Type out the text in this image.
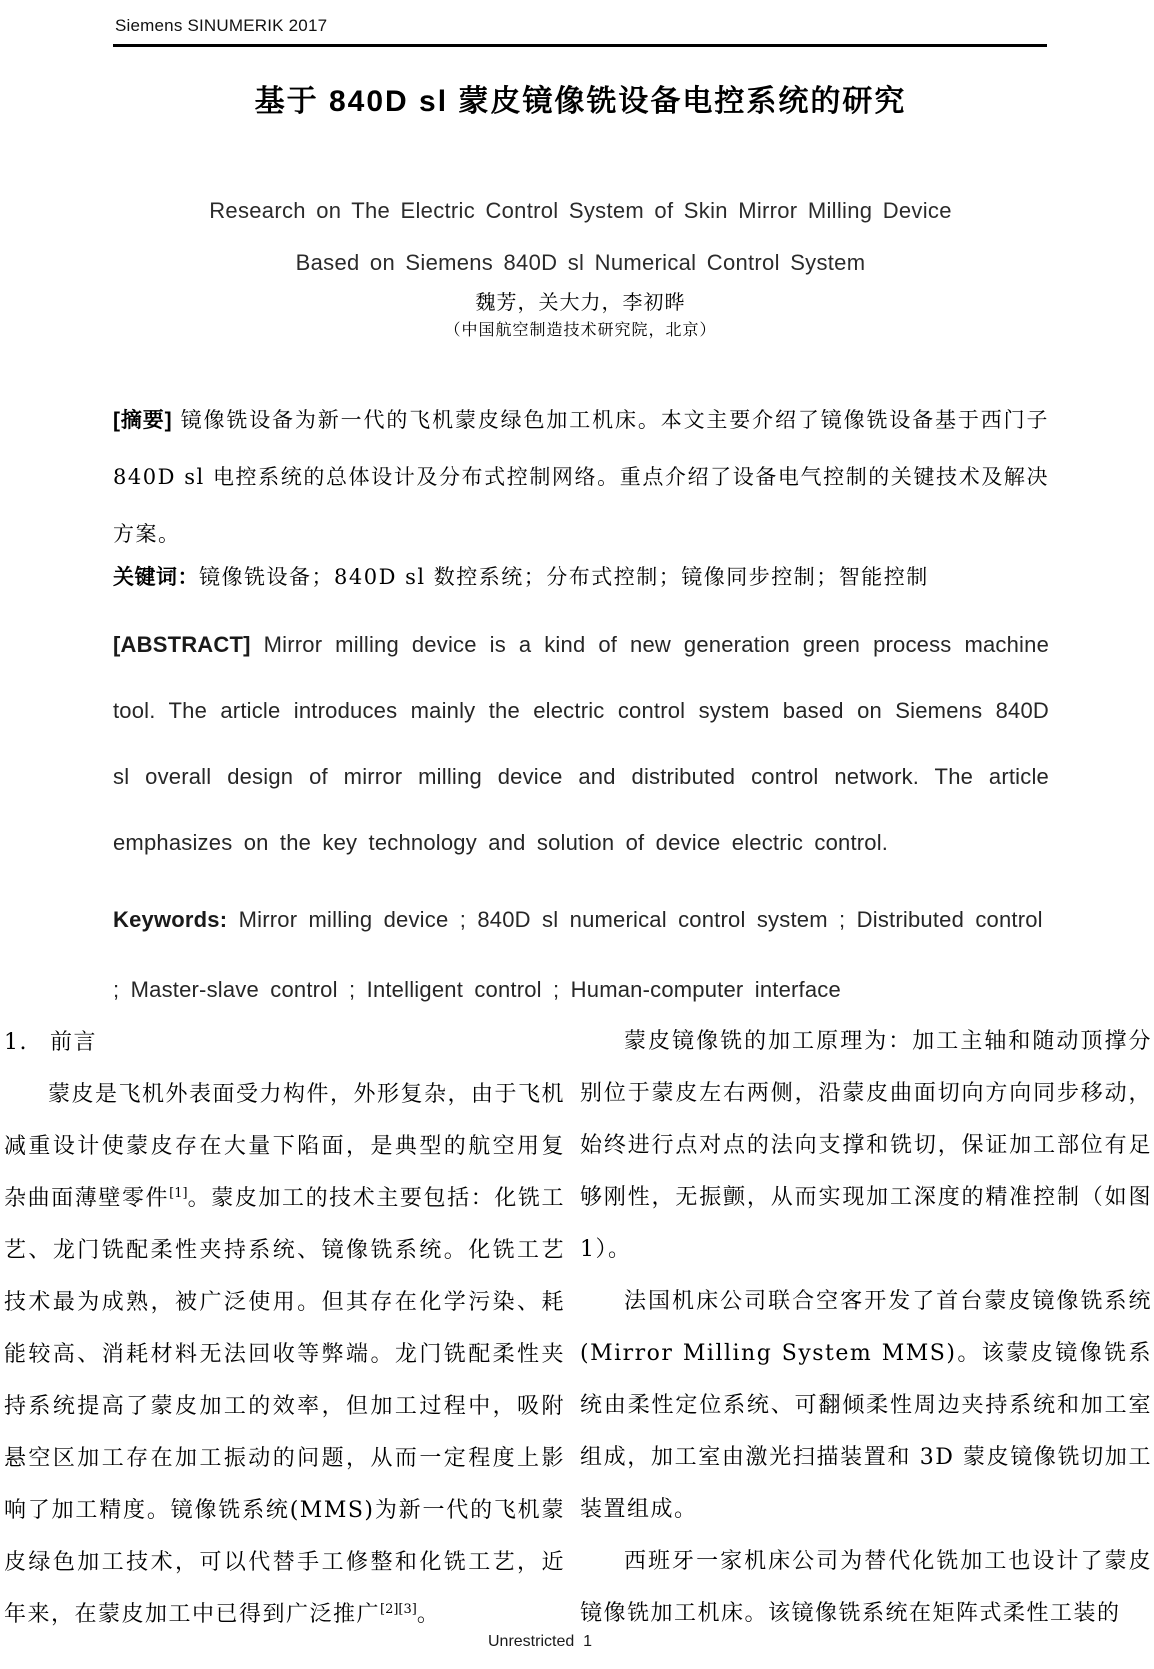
Siemens SINUMERIK 2017
基于 840D sl 蒙皮镜像铣设备电控系统的研究
Research on The Electric Control System of Skin Mirror Milling Device
Based on Siemens 840D sl Numerical Control System
魏芳，关大力，李初晔
（中国航空制造技术研究院，北京）

[摘要] 镜像铣设备为新一代的飞机蒙皮绿色加工机床。本文主要介绍了镜像铣设备基于西门子 840D sl 电控系统的总体设计及分布式控制网络。重点介绍了设备电气控制的关键技术及解决方案。

关键词：镜像铣设备；840D sl 数控系统；分布式控制；镜像同步控制；智能控制

[ABSTRACT] Mirror milling device is a kind of new generation green process machine tool. The article introduces mainly the electric control system based on Siemens 840D sl overall design of mirror milling device and distributed control network. The article emphasizes on the key technology and solution of device electric control.

Keywords: Mirror milling device ; 840D sl numerical control system ; Distributed control ; Master-slave control ; Intelligent control ; Human-computer interface

1. 前言

蒙皮是飞机外表面受力构件，外形复杂，由于飞机减重设计使蒙皮存在大量下陷面，是典型的航空用复杂曲面薄壁零件[1]。蒙皮加工的技术主要包括：化铣工艺、龙门铣配柔性夹持系统、镜像铣系统。化铣工艺技术最为成熟，被广泛使用。但其存在化学污染、耗能较高、消耗材料无法回收等弊端。龙门铣配柔性夹持系统提高了蒙皮加工的效率，但加工过程中，吸附悬空区加工存在加工振动的问题，从而一定程度上影响了加工精度。镜像铣系统(MMS)为新一代的飞机蒙皮绿色加工技术，可以代替手工修整和化铣工艺，近年来，在蒙皮加工中已得到广泛推广[2][3]。

蒙皮镜像铣的加工原理为：加工主轴和随动顶撑分别位于蒙皮左右两侧，沿蒙皮曲面切向方向同步移动，始终进行点对点的法向支撑和铣切，保证加工部位有足够刚性，无振颤，从而实现加工深度的精准控制（如图 1）。

法国机床公司联合空客开发了首台蒙皮镜像铣系统 (Mirror Milling System MMS)。该蒙皮镜像铣系统由柔性定位系统、可翻倾柔性周边夹持系统和加工室组成，加工室由激光扫描装置和 3D 蒙皮镜像铣切加工装置组成。

西班牙一家机床公司为替代化铣加工也设计了蒙皮镜像铣加工机床。该镜像铣系统在矩阵式柔性工装的

Unrestricted  1
